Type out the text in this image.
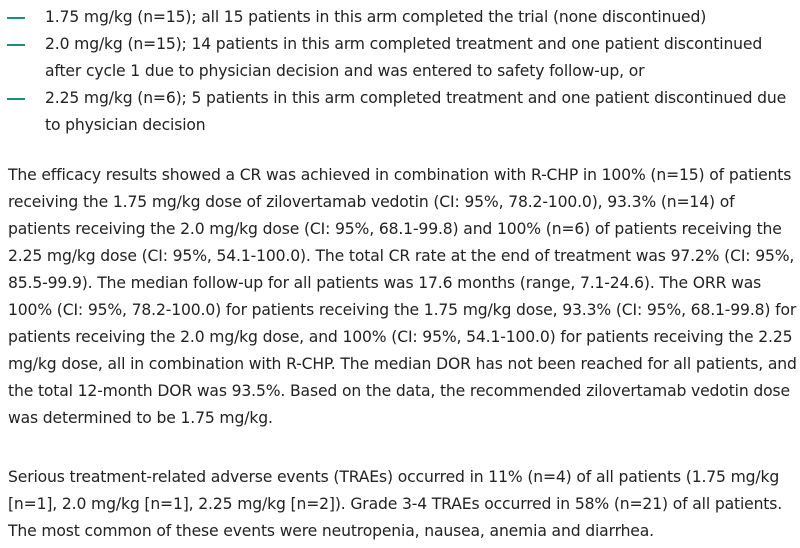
1.75 mg/kg (n=15); all 15 patients in this arm completed the trial (none discontinued)
2.0 mg/kg (n=15); 14 patients in this arm completed treatment and one patient discontinued after cycle 1 due to physician decision and was entered to safety follow-up, or
2.25 mg/kg (n=6); 5 patients in this arm completed treatment and one patient discontinued due to physician decision

The efficacy results showed a CR was achieved in combination with R-CHP in 100% (n=15) of patients receiving the 1.75 mg/kg dose of zilovertamab vedotin (CI: 95%, 78.2-100.0), 93.3% (n=14) of patients receiving the 2.0 mg/kg dose (CI: 95%, 68.1-99.8) and 100% (n=6) of patients receiving the 2.25 mg/kg dose (CI: 95%, 54.1-100.0). The total CR rate at the end of treatment was 97.2% (CI: 95%, 85.5-99.9). The median follow-up for all patients was 17.6 months (range, 7.1-24.6). The ORR was 100% (CI: 95%, 78.2-100.0) for patients receiving the 1.75 mg/kg dose, 93.3% (CI: 95%, 68.1-99.8) for patients receiving the 2.0 mg/kg dose, and 100% (CI: 95%, 54.1-100.0) for patients receiving the 2.25 mg/kg dose, all in combination with R-CHP. The median DOR has not been reached for all patients, and the total 12-month DOR was 93.5%. Based on the data, the recommended zilovertamab vedotin dose was determined to be 1.75 mg/kg.

Serious treatment-related adverse events (TRAEs) occurred in 11% (n=4) of all patients (1.75 mg/kg [n=1], 2.0 mg/kg [n=1], 2.25 mg/kg [n=2]). Grade 3-4 TRAEs occurred in 58% (n=21) of all patients. The most common of these events were neutropenia, nausea, anemia and diarrhea.
